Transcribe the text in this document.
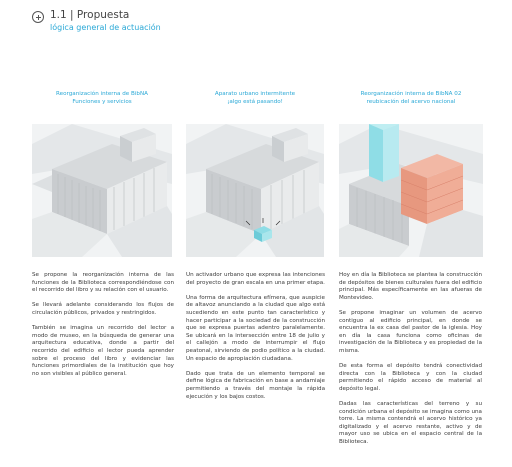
1.1 | Propuesta
lógica general de actuación
Reorganización interna de BibNA
Funciones y servicios
Aparato urbano intermitente
¡algo está pasando!
Reorganización interna de BibNA 02
reubicación del acervo nacional

Se propone la reorganización interna de las funciones de la Biblioteca correspondiéndose con el recorrido del libro y su relación con el usuario.

Se llevará adelante considerando los flujos de circulación públicos, privados y restringidos.

También se imagina un recorrido del lector a modo de museo, en la búsqueda de generar una arquitectura educativa, donde a partir del recorrido del edificio el lector pueda aprender sobre el proceso del libro y evidenciar las funciones primordiales de la institución que hoy no son visibles al público general.

Un activador urbano que expresa las intenciones del proyecto de gran escala en una primer etapa.

Una forma de arquitectura efímera, que auspicie de altavoz anunciando a la ciudad que algo está sucediendo en este punto tan característico y hacer participar a la sociedad de la construcción que se expresa puertas adentro paralelamente. Se ubicará en la intersección entre 18 de julio y el callejón a modo de interrumpir el flujo peatonal, sirviendo de podio político a la ciudad. Un espacio de apropiación ciudadana.

Dado que trata de un elemento temporal se define lógica de fabricación en base a andamiaje permitiendo a través del montaje la rápida ejecución y los bajos costos.

Hoy en día la Biblioteca se plantea la construcción de depósitos de bienes culturales fuera del edificio principal. Más específicamente en las afueras de Montevideo.

Se propone imaginar un volumen de acervo contiguo al edificio principal, en donde se encuentra la ex casa del pastor de la iglesia. Hoy en día la casa funciona como oficinas de investigación de la Biblioteca y es propiedad de la misma.

De esta forma el depósito tendrá conectividad directa con la Biblioteca y con la ciudad permitiendo el rápido acceso de material al depósito legal.

Dadas las características del terreno y su condición urbana el depósito se imagina como una torre. La misma contendrá el acervo histórico ya digitalizado y el acervo restante, activo y de mayor uso se ubica en el espacio central de la Biblioteca.
